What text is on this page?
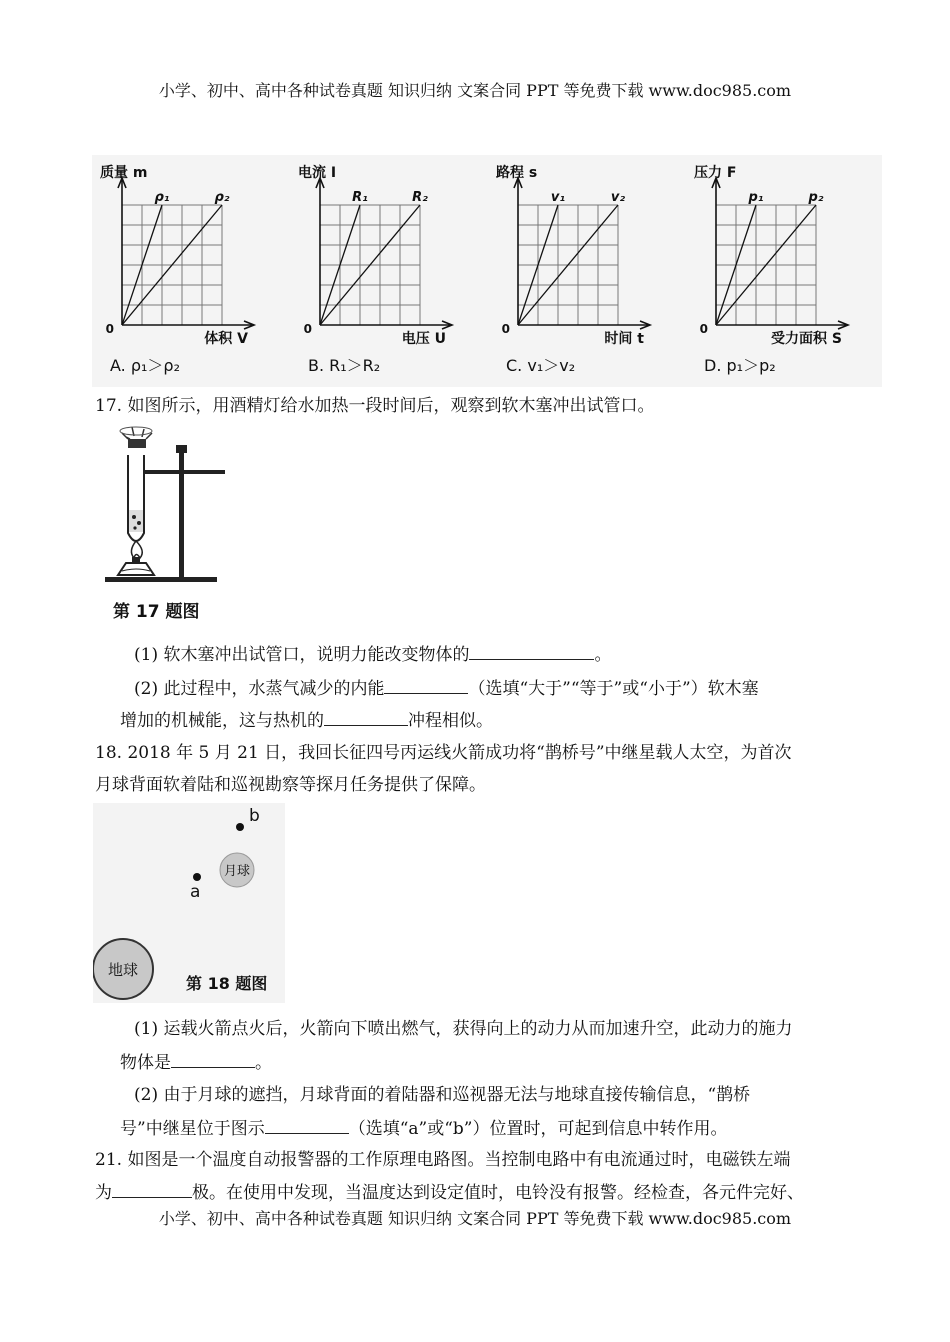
小学、初中、高中各种试卷真题 知识归纳 文案合同 PPT 等免费下载 www.doc985.com
ρ₁	ρ₂
质量 m
0
体积 V
A. ρ₁＞ρ₂
R₁	R₂
电流 I
0
电压 U
B. R₁＞R₂
v₁	v₂
路程 s
0
时间 t
C. v₁＞v₂
p₁	p₂
压力 F
0
受力面积 S
D. p₁＞p₂
17. 如图所示，用酒精灯给水加热一段时间后，观察到软木塞冲出试管口。
第 17 题图
(1) 软木塞冲出试管口，说明力能改变物体的	。
(2) 此过程中，水蒸气减少的内能	（选填“大于”“等于”或“小于”）软木塞
增加的机械能，这与热机的	冲程相似。
18. 2018 年 5 月 21 日，我回长征四号丙运线火箭成功将“鹊桥号”中继星载人太空，为首次
月球背面软着陆和巡视勘察等探月任务提供了保障。
b
月球
a
地球
第 18 题图
(1) 运载火箭点火后，火箭向下喷出燃气，获得向上的动力从而加速升空，此动力的施力
物体是	。
(2) 由于月球的遮挡，月球背面的着陆器和巡视器无法与地球直接传输信息，“鹊桥
号”中继星位于图示	（选填“a”或“b”）位置时，可起到信息中转作用。
21. 如图是一个温度自动报警器的工作原理电路图。当控制电路中有电流通过时，电磁铁左端
为	极。在使用中发现，当温度达到设定值时，电铃没有报警。经检查，各元件完好、
小学、初中、高中各种试卷真题 知识归纳 文案合同 PPT 等免费下载 www.doc985.com
